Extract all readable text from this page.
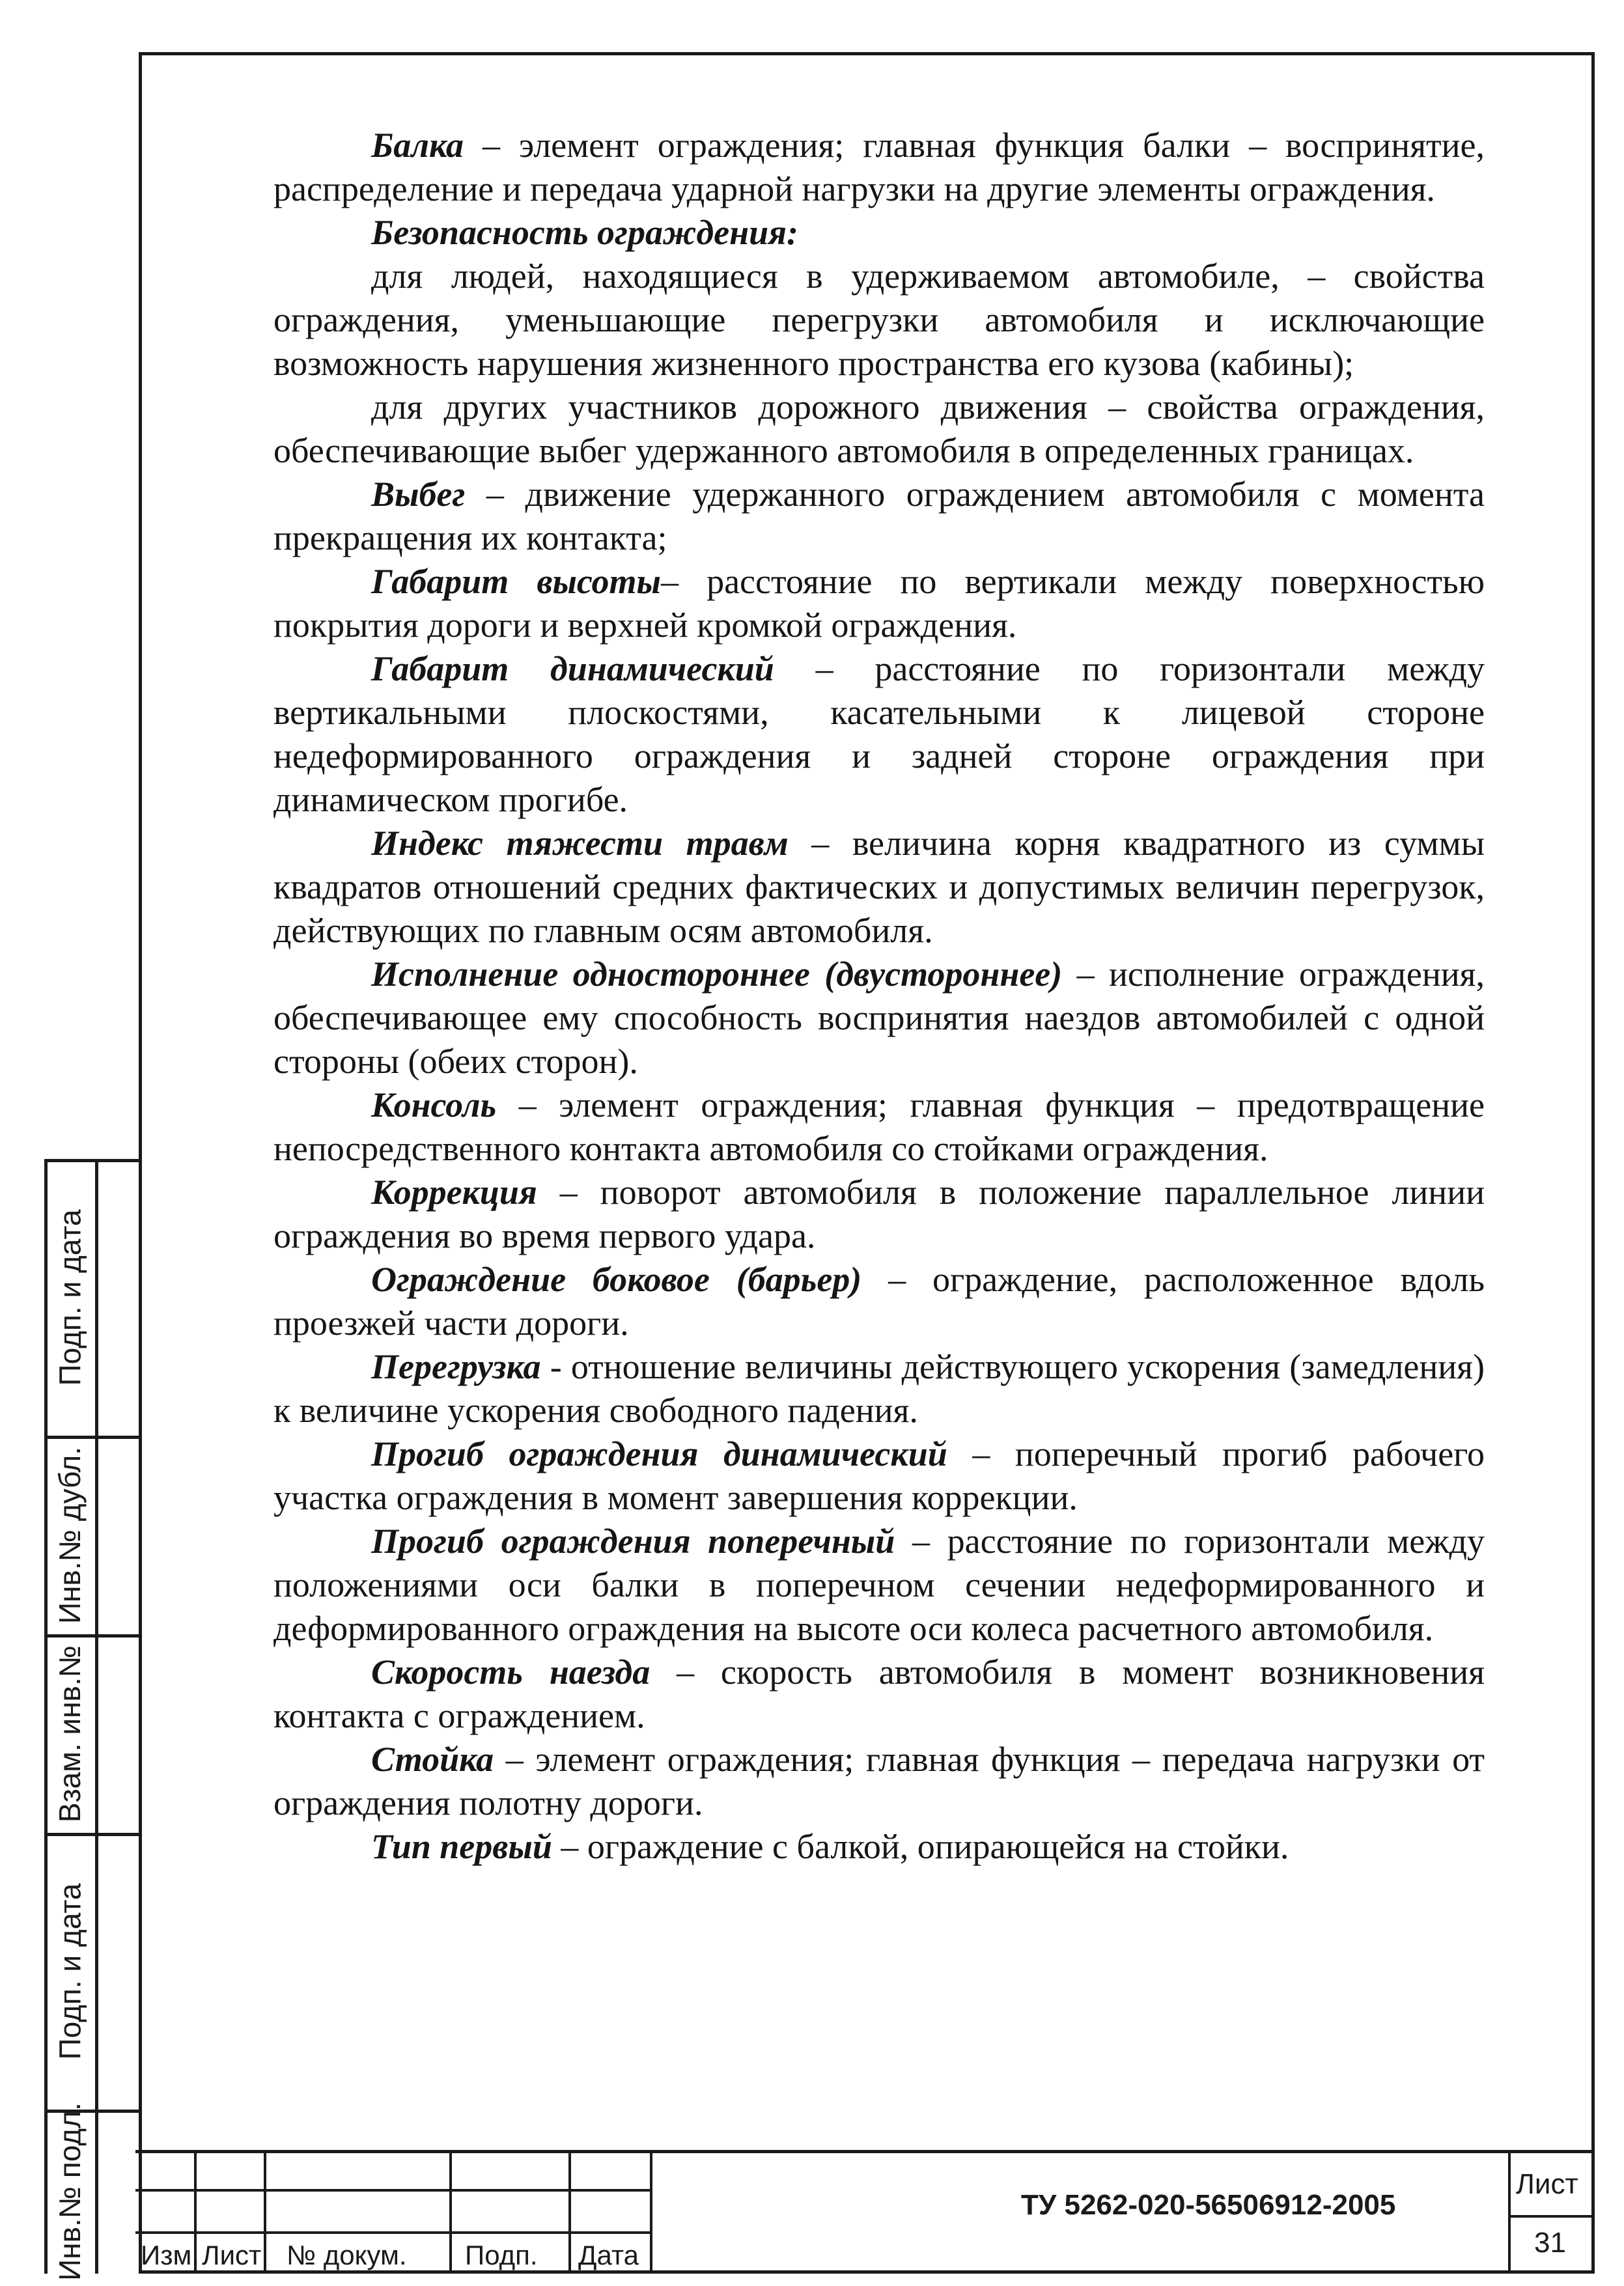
Балка – элемент ограждения; главная функция балки – воспринятие, распределение и передача ударной нагрузки на другие элементы ограждения.

Безопасность ограждения:

для людей, находящиеся в удерживаемом автомобиле, – свойства ограждения, уменьшающие перегрузки автомобиля и исключающие возможность нарушения жизненного пространства его кузова (кабины);

для других участников дорожного движения – свойства ограждения, обеспечивающие выбег удержанного автомобиля в определенных границах.

Выбег – движение удержанного ограждением автомобиля с момента прекращения их контакта;

Габарит высоты– расстояние по вертикали между поверхностью покрытия дороги и верхней кромкой ограждения.

Габарит динамический – расстояние по горизонтали между вертикальными плоскостями, касательными к лицевой стороне недеформированного ограждения и задней стороне ограждения при динамическом прогибе.

Индекс тяжести травм – величина корня квадратного из суммы квадратов отношений средних фактических и допустимых величин перегрузок, действующих по главным осям автомобиля.

Исполнение одностороннее (двустороннее) – исполнение ограждения, обеспечивающее ему способность воспринятия наездов автомобилей с одной стороны (обеих сторон).

Консоль – элемент ограждения; главная функция – предотвращение непосредственного контакта автомобиля со стойками ограждения.

Коррекция – поворот автомобиля в положение параллельное линии ограждения во время первого удара.

Ограждение боковое (барьер) – ограждение, расположенное вдоль проезжей части дороги.

Перегрузка - отношение величины действующего ускорения (замедления) к величине ускорения свободного падения.

Прогиб ограждения динамический – поперечный прогиб рабочего участка ограждения в момент завершения коррекции.

Прогиб ограждения поперечный – расстояние по горизонтали между положениями оси балки в поперечном сечении недеформированного и деформированного ограждения на высоте оси колеса расчетного автомобиля.

Скорость наезда – скорость автомобиля в момент возникновения контакта с ограждением.

Стойка – элемент ограждения; главная функция – передача нагрузки от ограждения полотну дороги.

Тип первый – ограждение с балкой, опирающейся на стойки.

Подп. и дата
Инв.№ дубл.
Взам. инв.№
Подп. и дата
Инв.№ подл. Изм. Лист № докум. Подп. Дата
ТУ 5262-020-56506912-2005
Лист
31
